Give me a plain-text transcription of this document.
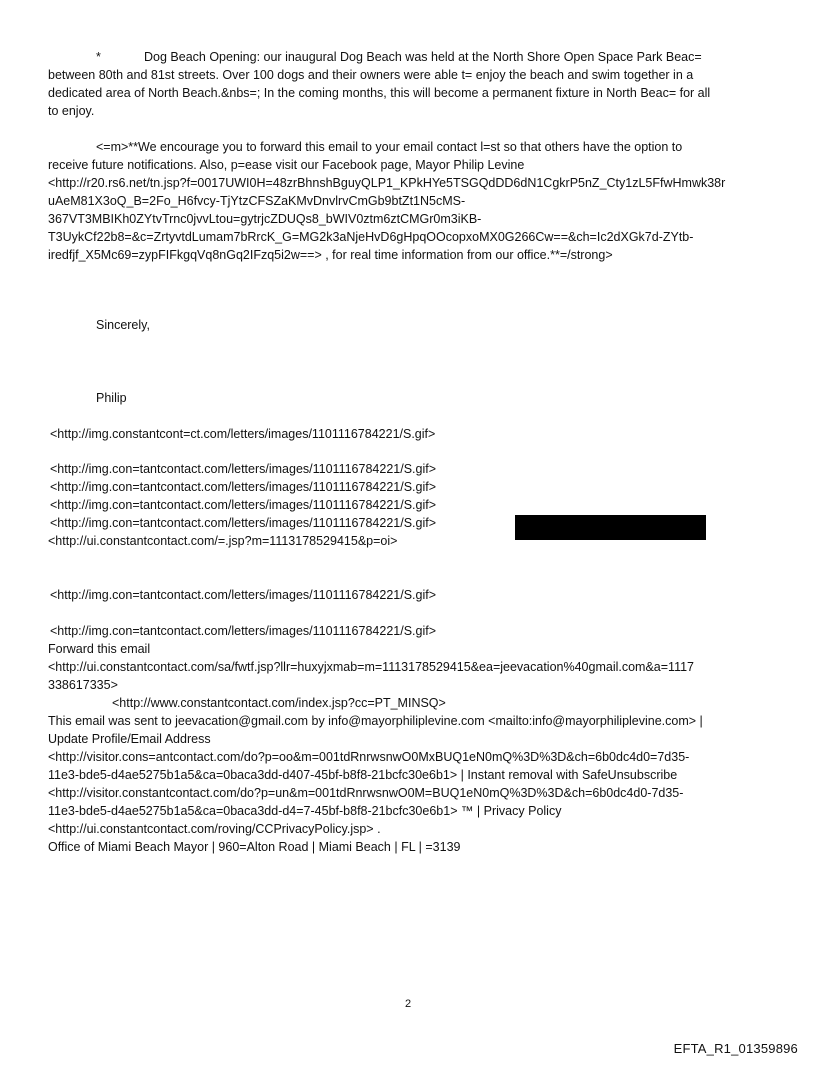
*	Dog Beach Opening: our inaugural Dog Beach was held at the North Shore Open Space Park Beac=
between 80th and 81st streets. Over 100 dogs and their owners were able t= enjoy the beach and swim together in a
dedicated area of North Beach.&nbs=; In the coming months, this will become a permanent fixture in North Beac= for all
to enjoy.
<=m>**We encourage you to forward this email to your email contact l=st so that others have the option to
receive future notifications. Also, p=ease visit our Facebook page, Mayor Philip Levine
<http://r20.rs6.net/tn.jsp?f=0017UWI0H=48zrBhnshBguyQLP1_KPkHYe5TSGQdDD6dN1CgkrP5nZ_Cty1zL5FfwHmwk38r
uAeM81X3oQ_B=2Fo_H6fvcy-TjYtzCFSZaKMvDnvlrvCmGb9btZt1N5cMS-
367VT3MBIKh0ZYtvTrnc0jvvLtou=gytrjcZDUQs8_bWIV0ztm6ztCMGr0m3iKB-
T3UykCf22b8=&c=ZrtyvtdLumam7bRrcK_G=MG2k3aNjeHvD6gHpqOOcopxoMX0G266Cw==&ch=Ic2dXGk7d-ZYtb-
iredfjf_X5Mc69=zypFIFkgqVq8nGq2IFzq5i2w==> , for real time information from our office.**=/strong>
Sincerely,
Philip
<http://img.constantcont=ct.com/letters/images/1101116784221/S.gif>
<http://img.con=tantcontact.com/letters/images/1101116784221/S.gif>
<http://img.con=tantcontact.com/letters/images/1101116784221/S.gif>
<http://img.con=tantcontact.com/letters/images/1101116784221/S.gif>
<http://img.con=tantcontact.com/letters/images/1101116784221/S.gif>
<http://ui.constantcontact.com/=.jsp?m=1113178529415&p=oi>
<http://img.con=tantcontact.com/letters/images/1101116784221/S.gif>
<http://img.con=tantcontact.com/letters/images/1101116784221/S.gif>
Forward this email
<http://ui.constantcontact.com/sa/fwtf.jsp?llr=huxyjxmab=m=1113178529415&ea=jeevacation%40gmail.com&a=1117
338617335>
<http://www.constantcontact.com/index.jsp?cc=PT_MINSQ>
This email was sent to jeevacation@gmail.com by info@mayorphiliplevine.com <mailto:info@mayorphiliplevine.com> |
Update Profile/Email Address
<http://visitor.cons=antcontact.com/do?p=oo&m=001tdRnrwsnwO0MxBUQ1eN0mQ%3D%3D&ch=6b0dc4d0=7d35-
11e3-bde5-d4ae5275b1a5&ca=0baca3dd-d407-45bf-b8f8-21bcfc30e6b1> | Instant removal with SafeUnsubscribe
<http://visitor.constantcontact.com/do?p=un&m=001tdRnrwsnwO0M=BUQ1eN0mQ%3D%3D&ch=6b0dc4d0-7d35-
11e3-bde5-d4ae5275b1a5&ca=0baca3dd-d4=7-45bf-b8f8-21bcfc30e6b1> ™ | Privacy Policy
<http://ui.constantcontact.com/roving/CCPrivacyPolicy.jsp> .
Office of Miami Beach Mayor | 960=Alton Road | Miami Beach | FL | =3139
2
EFTA_R1_01359896
